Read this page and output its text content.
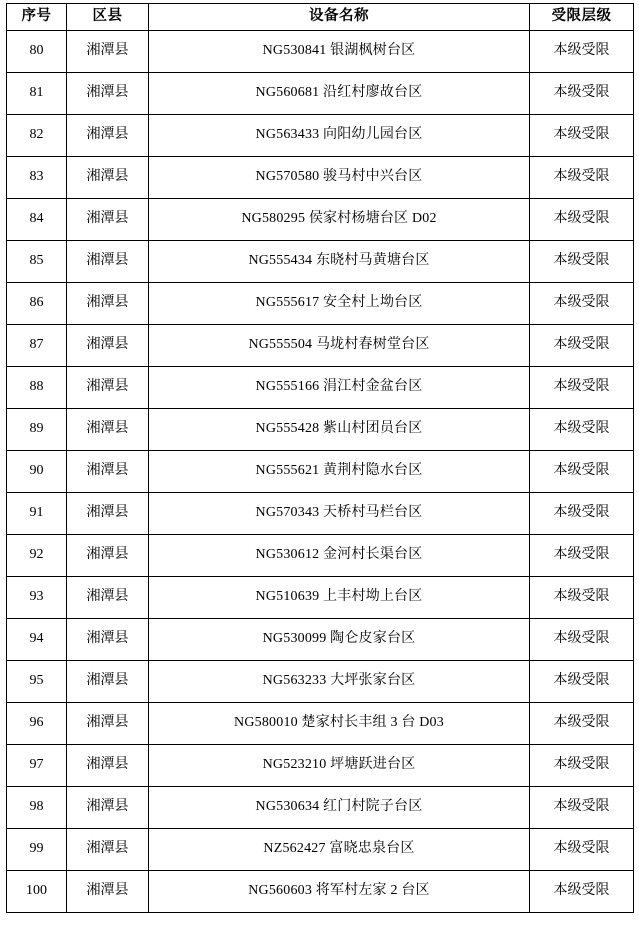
序号	区县	设备名称	受限层级
80	湘潭县	NG530841 银湖枫树台区	本级受限
81	湘潭县	NG560681 沿红村廖故台区	本级受限
82	湘潭县	NG563433 向阳幼儿园台区	本级受限
83	湘潭县	NG570580 骏马村中兴台区	本级受限
84	湘潭县	NG580295 侯家村杨塘台区 D02	本级受限
85	湘潭县	NG555434 东晓村马黄塘台区	本级受限
86	湘潭县	NG555617 安全村上坳台区	本级受限
87	湘潭县	NG555504 马垅村春树堂台区	本级受限
88	湘潭县	NG555166 涓江村金盆台区	本级受限
89	湘潭县	NG555428 紫山村团员台区	本级受限
90	湘潭县	NG555621 黄荆村隐水台区	本级受限
91	湘潭县	NG570343 天桥村马栏台区	本级受限
92	湘潭县	NG530612 金河村长渠台区	本级受限
93	湘潭县	NG510639 上丰村坳上台区	本级受限
94	湘潭县	NG530099 陶仑皮家台区	本级受限
95	湘潭县	NG563233 大坪张家台区	本级受限
96	湘潭县	NG580010 楚家村长丰组 3 台 D03	本级受限
97	湘潭县	NG523210 坪塘跃进台区	本级受限
98	湘潭县	NG530634 红门村院子台区	本级受限
99	湘潭县	NZ562427 富晓忠泉台区	本级受限
100	湘潭县	NG560603 将军村左家 2 台区	本级受限
